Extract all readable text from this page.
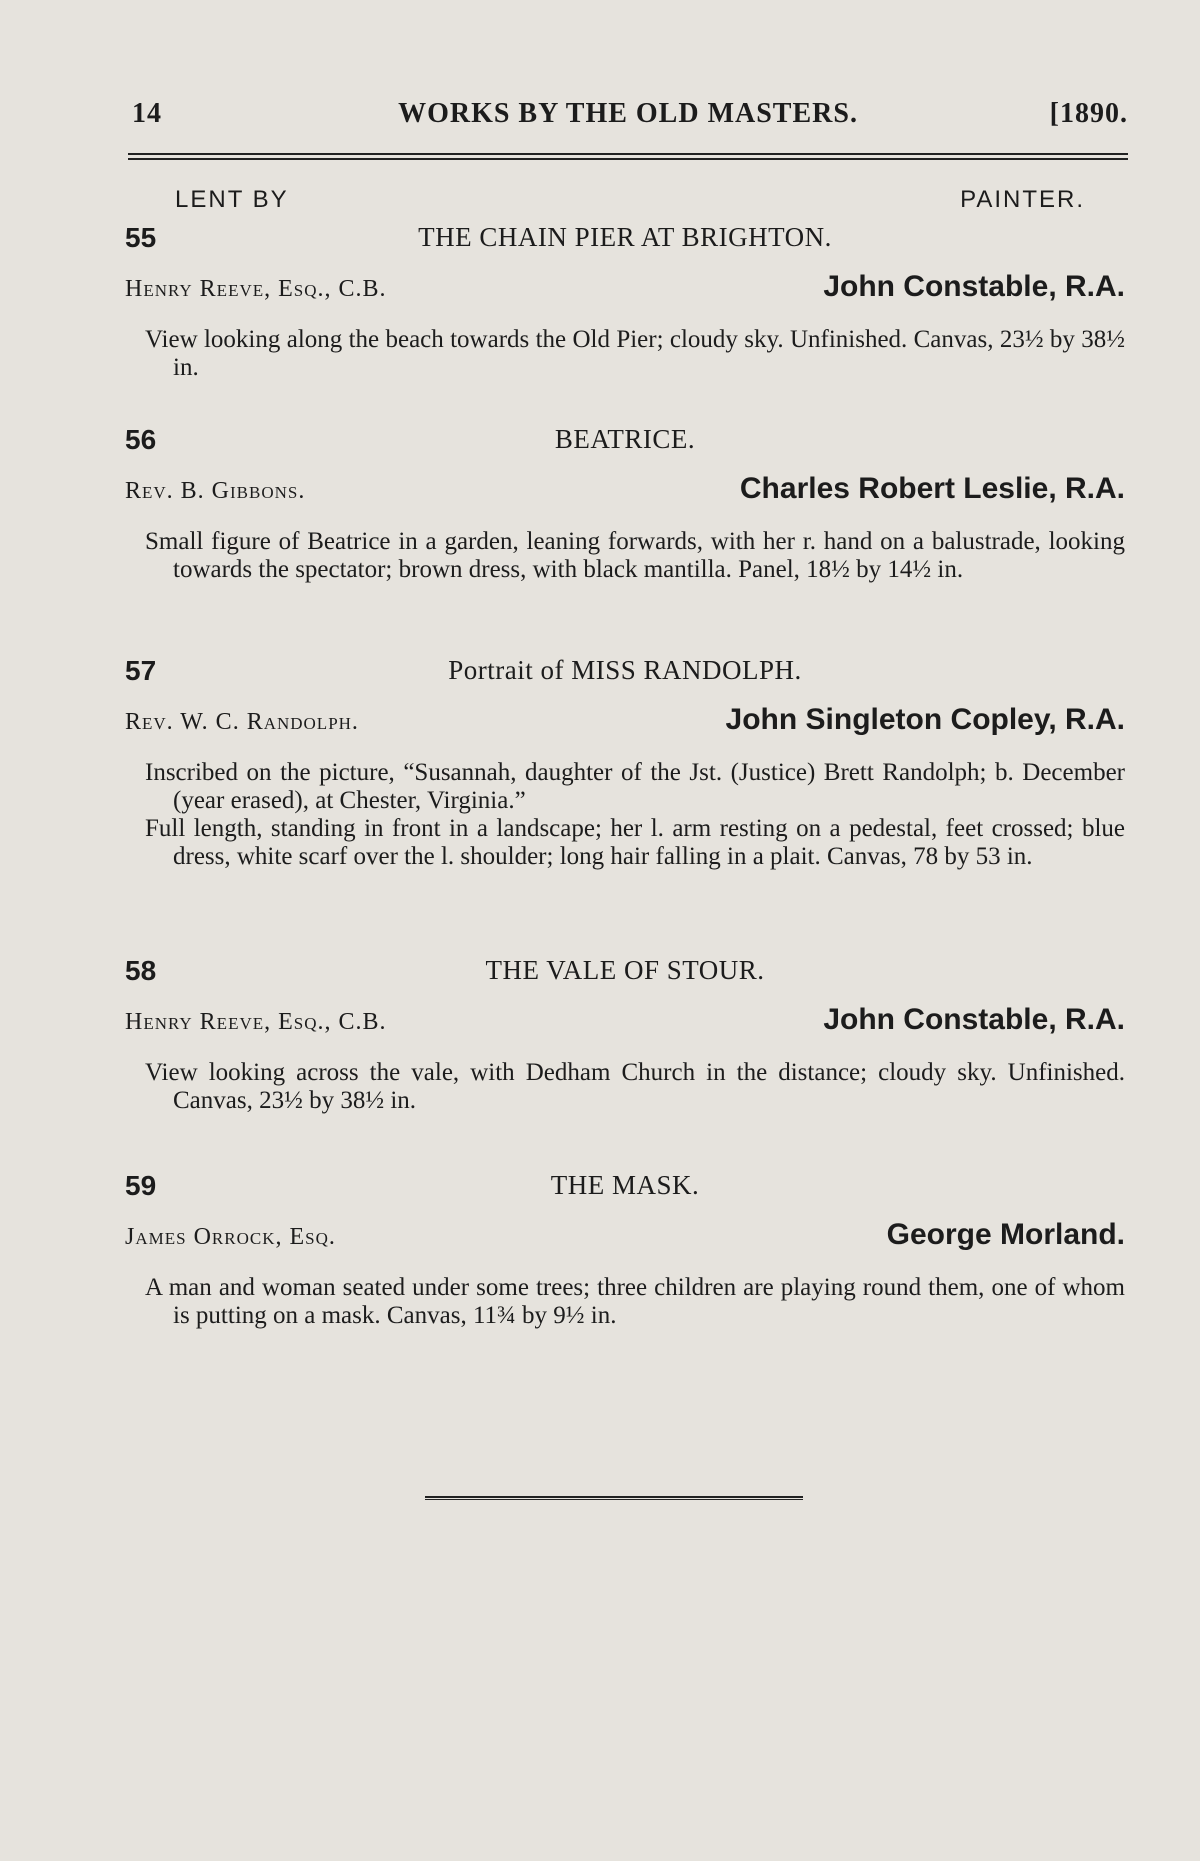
14	WORKS BY THE OLD MASTERS.	[1890.
LENT BY	PAINTER.
55	THE CHAIN PIER AT BRIGHTON.
Henry Reeve, Esq., C.B.	John Constable, R.A.
View looking along the beach towards the Old Pier; cloudy sky. Unfinished. Canvas, 23½ by 38½ in.
56	BEATRICE.
Rev. B. Gibbons.	Charles Robert Leslie, R.A.
Small figure of Beatrice in a garden, leaning forwards, with her r. hand on a balustrade, looking towards the spectator; brown dress, with black mantilla. Panel, 18½ by 14½ in.
57	Portrait of MISS RANDOLPH.
Rev. W. C. Randolph.	John Singleton Copley, R.A.
Inscribed on the picture, “Susannah, daughter of the Jst. (Justice) Brett Randolph; b. December (year erased), at Chester, Virginia.”
Full length, standing in front in a landscape; her l. arm resting on a pedestal, feet crossed; blue dress, white scarf over the l. shoulder; long hair falling in a plait. Canvas, 78 by 53 in.
58	THE VALE OF STOUR.
Henry Reeve, Esq., C.B.	John Constable, R.A.
View looking across the vale, with Dedham Church in the distance; cloudy sky. Unfinished. Canvas, 23½ by 38½ in.
59	THE MASK.
James Orrock, Esq.	George Morland.
A man and woman seated under some trees; three children are playing round them, one of whom is putting on a mask. Canvas, 11¾ by 9½ in.
